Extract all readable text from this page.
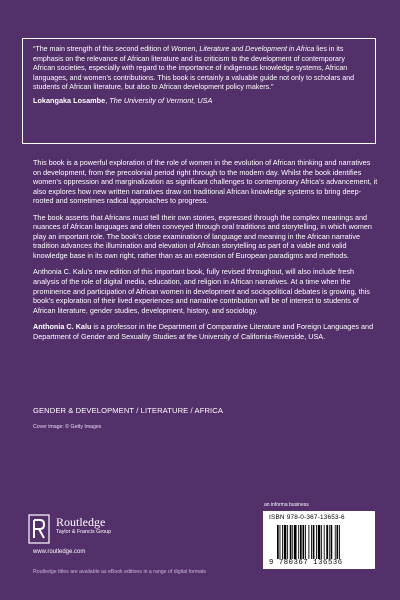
“The main strength of this second edition of Women, Literature and Development in Africa lies in its emphasis on the relevance of African literature and its criticism to the development of contemporary African societies, especially with regard to the importance of indigenous knowledge systems, African languages, and women’s contributions. This book is certainly a valuable guide not only to scholars and students of African literature, but also to African development policy makers.”

Lokangaka Losambe, The University of Vermont, USA

This book is a powerful exploration of the role of women in the evolution of African thinking and narratives on development, from the precolonial period right through to the modern day. Whilst the book identifies women’s oppression and marginalization as significant challenges to contemporary Africa’s advancement, it also explores how new written narratives draw on traditional African knowledge systems to bring deep-rooted and sometimes radical approaches to progress.

The book asserts that Africans must tell their own stories, expressed through the complex meanings and nuances of African languages and often conveyed through oral traditions and storytelling, in which women play an important role. The book’s close examination of language and meaning in the African narrative tradition advances the illumination and elevation of African storytelling as part of a viable and valid knowledge base in its own right, rather than as an extension of European paradigms and methods.

Anthonia C. Kalu’s new edition of this important book, fully revised throughout, will also include fresh analysis of the role of digital media, education, and religion in African narratives. At a time when the prominence and participation of African women in development and sociopolitical debates is growing, this book’s exploration of their lived experiences and narrative contribution will be of interest to students of African literature, gender studies, development, history, and sociology.

Anthonia C. Kalu is a professor in the Department of Comparative Literature and Foreign Languages and Department of Gender and Sexuality Studies at the University of California-Riverside, USA.

GENDER & DEVELOPMENT / LITERATURE / AFRICA
Cover image: © Getty Images
an informa business
Routledge
Taylor & Francis Group
www.routledge.com
Routledge titles are available as eBook editions in a range of digital formats
ISBN 978-0-367-13653-6
9 780367 136536
